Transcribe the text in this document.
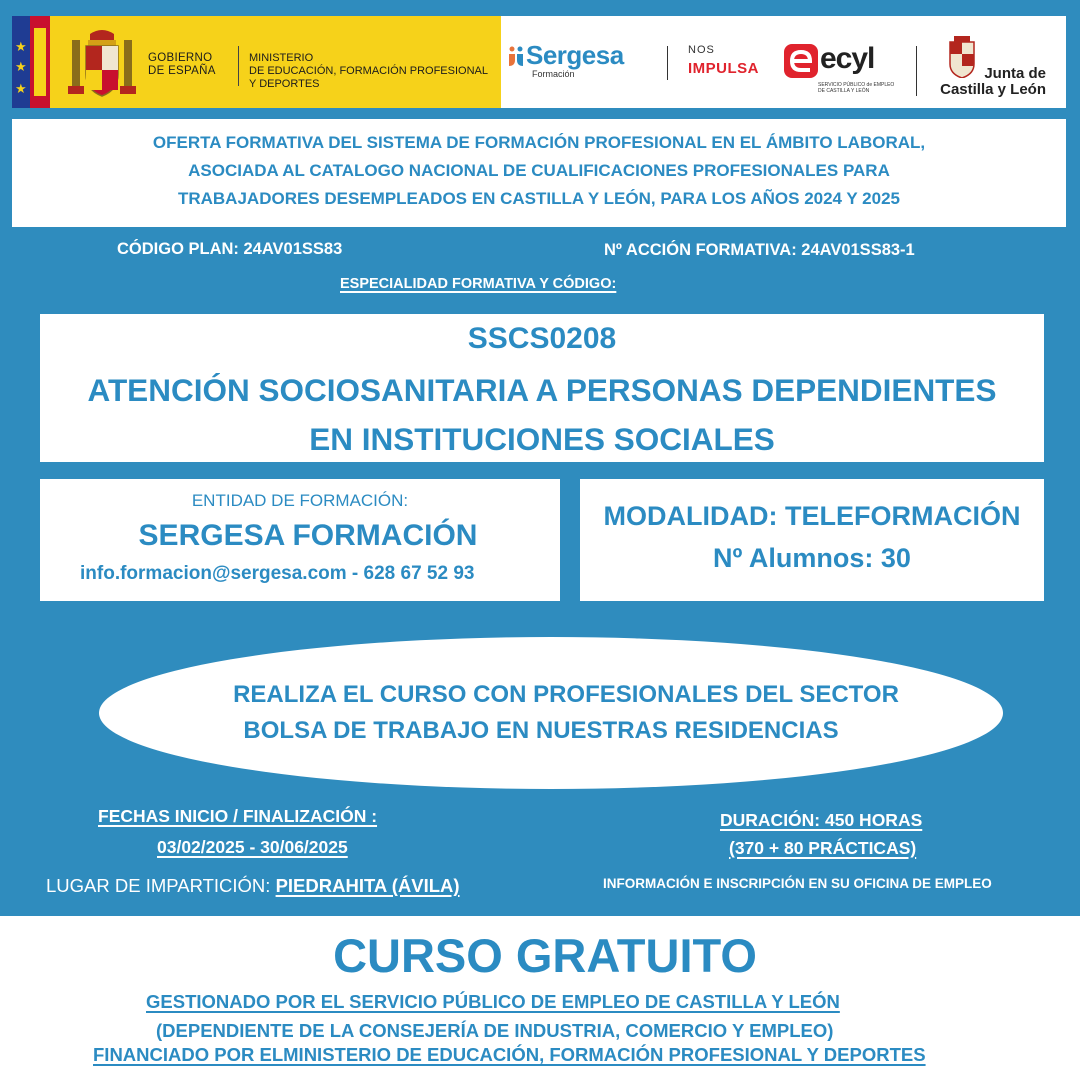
★
★
★
GOBIERNO
DE ESPAÑA
MINISTERIO
DE EDUCACIÓN, FORMACIÓN PROFESIONAL
Y DEPORTES
Sergesa
Formación
NOS
IMPULSA ecyl
SERVICIO PÚBLICO de EMPLEO DE CASTILLA Y LEÓN
Junta de
Castilla y León
OFERTA FORMATIVA DEL SISTEMA DE FORMACIÓN PROFESIONAL EN EL ÁMBITO LABORAL,
ASOCIADA AL CATALOGO NACIONAL DE CUALIFICACIONES PROFESIONALES PARA
TRABAJADORES DESEMPLEADOS EN CASTILLA Y LEÓN, PARA LOS AÑOS 2024 Y 2025
CÓDIGO PLAN: 24AV01SS83	Nº ACCIÓN FORMATIVA: 24AV01SS83-1
ESPECIALIDAD FORMATIVA Y CÓDIGO:
SSCS0208
ATENCIÓN SOCIOSANITARIA A PERSONAS DEPENDIENTES
EN INSTITUCIONES SOCIALES
ENTIDAD DE FORMACIÓN:
SERGESA FORMACIÓN
info.formacion@sergesa.com - 628 67 52 93
MODALIDAD: TELEFORMACIÓN
Nº Alumnos: 30
REALIZA EL CURSO CON PROFESIONALES DEL SECTOR
BOLSA DE TRABAJO EN NUESTRAS RESIDENCIAS
FECHAS INICIO / FINALIZACIÓN :
03/02/2025 - 30/06/2025
LUGAR DE IMPARTICIÓN: PIEDRAHITA (ÁVILA)
DURACIÓN: 450 HORAS
(370 + 80 PRÁCTICAS)
INFORMACIÓN E INSCRIPCIÓN EN SU OFICINA DE EMPLEO
CURSO GRATUITO
GESTIONADO POR EL SERVICIO PÚBLICO DE EMPLEO DE CASTILLA Y LEÓN
(DEPENDIENTE DE LA CONSEJERÍA DE INDUSTRIA, COMERCIO Y EMPLEO)
FINANCIADO POR ELMINISTERIO DE EDUCACIÓN, FORMACIÓN PROFESIONAL Y DEPORTES
